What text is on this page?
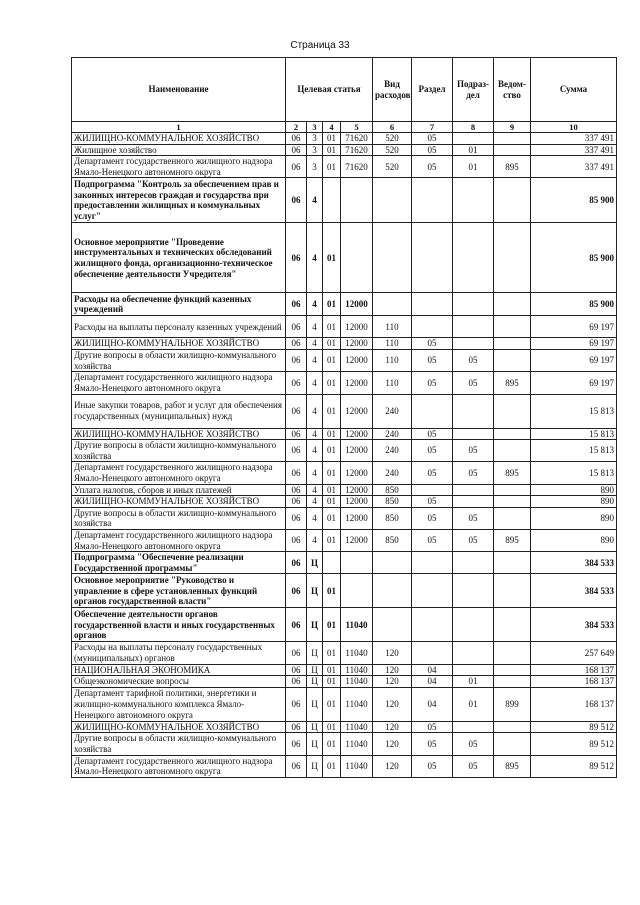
Страница 33
Наименование	Целевая статья				Вид расходов	Раздел	Подраз-дел	Ведом-ство	Сумма
1	2	3	4	5	6	7	8	9	10
ЖИЛИЩНО-КОММУНАЛЬНОЕ ХОЗЯЙСТВО	06	3	01	71620	520	05			337 491
Жилищное хозяйство	06	3	01	71620	520	05	01		337 491
Департамент государственного жилищного надзора Ямало-Ненецкого автономного округа	06	3	01	71620	520	05	01	895	337 491
Подпрограмма "Контроль за обеспечением прав и законных интересов граждан и государства при предоставлении жилищных и коммунальных услуг"	06	4							85 900
Основное мероприятие "Проведение инструментальных и технических обследований жилищного фонда, организационно-техническое обеспечение деятельности Учредителя"	06	4	01						85 900
Расходы на обеспечение функций казенных учреждений	06	4	01	12000					85 900
Расходы на выплаты персоналу казенных учреждений	06	4	01	12000	110				69 197
ЖИЛИЩНО-КОММУНАЛЬНОЕ ХОЗЯЙСТВО	06	4	01	12000	110	05			69 197
Другие вопросы в области жилищно-коммунального хозяйства	06	4	01	12000	110	05	05		69 197
Департамент государственного жилищного надзора Ямало-Ненецкого автономного округа	06	4	01	12000	110	05	05	895	69 197
Иные закупки товаров, работ и услуг для обеспечения государственных (муниципальных) нужд	06	4	01	12000	240				15 813
ЖИЛИЩНО-КОММУНАЛЬНОЕ ХОЗЯЙСТВО	06	4	01	12000	240	05			15 813
Другие вопросы в области жилищно-коммунального хозяйства	06	4	01	12000	240	05	05		15 813
Департамент государственного жилищного надзора Ямало-Ненецкого автономного округа	06	4	01	12000	240	05	05	895	15 813
Уплата налогов, сборов и иных платежей	06	4	01	12000	850				890
ЖИЛИЩНО-КОММУНАЛЬНОЕ ХОЗЯЙСТВО	06	4	01	12000	850	05			890
Другие вопросы в области жилищно-коммунального хозяйства	06	4	01	12000	850	05	05		890
Департамент государственного жилищного надзора Ямало-Ненецкого автономного округа	06	4	01	12000	850	05	05	895	890
Подпрограмма "Обеспечение реализации Государственной программы"	06	Ц							384 533
Основное мероприятие "Руководство и управление в сфере установленных функций органов государственной власти"	06	Ц	01						384 533
Обеспечение деятельности органов государственной власти и иных государственных органов	06	Ц	01	11040					384 533
Расходы на выплаты персоналу государственных (муниципальных) органов	06	Ц	01	11040	120				257 649
НАЦИОНАЛЬНАЯ ЭКОНОМИКА	06	Ц	01	11040	120	04			168 137
Общеэкономические вопросы	06	Ц	01	11040	120	04	01		168 137
Департамент тарифной политики, энергетики и жилищно-коммунального комплекса Ямало-Ненецкого автономного округа	06	Ц	01	11040	120	04	01	899	168 137
ЖИЛИЩНО-КОММУНАЛЬНОЕ ХОЗЯЙСТВО	06	Ц	01	11040	120	05			89 512
Другие вопросы в области жилищно-коммунального хозяйства	06	Ц	01	11040	120	05	05		89 512
Департамент государственного жилищного надзора Ямало-Ненецкого автономного округа	06	Ц	01	11040	120	05	05	895	89 512
